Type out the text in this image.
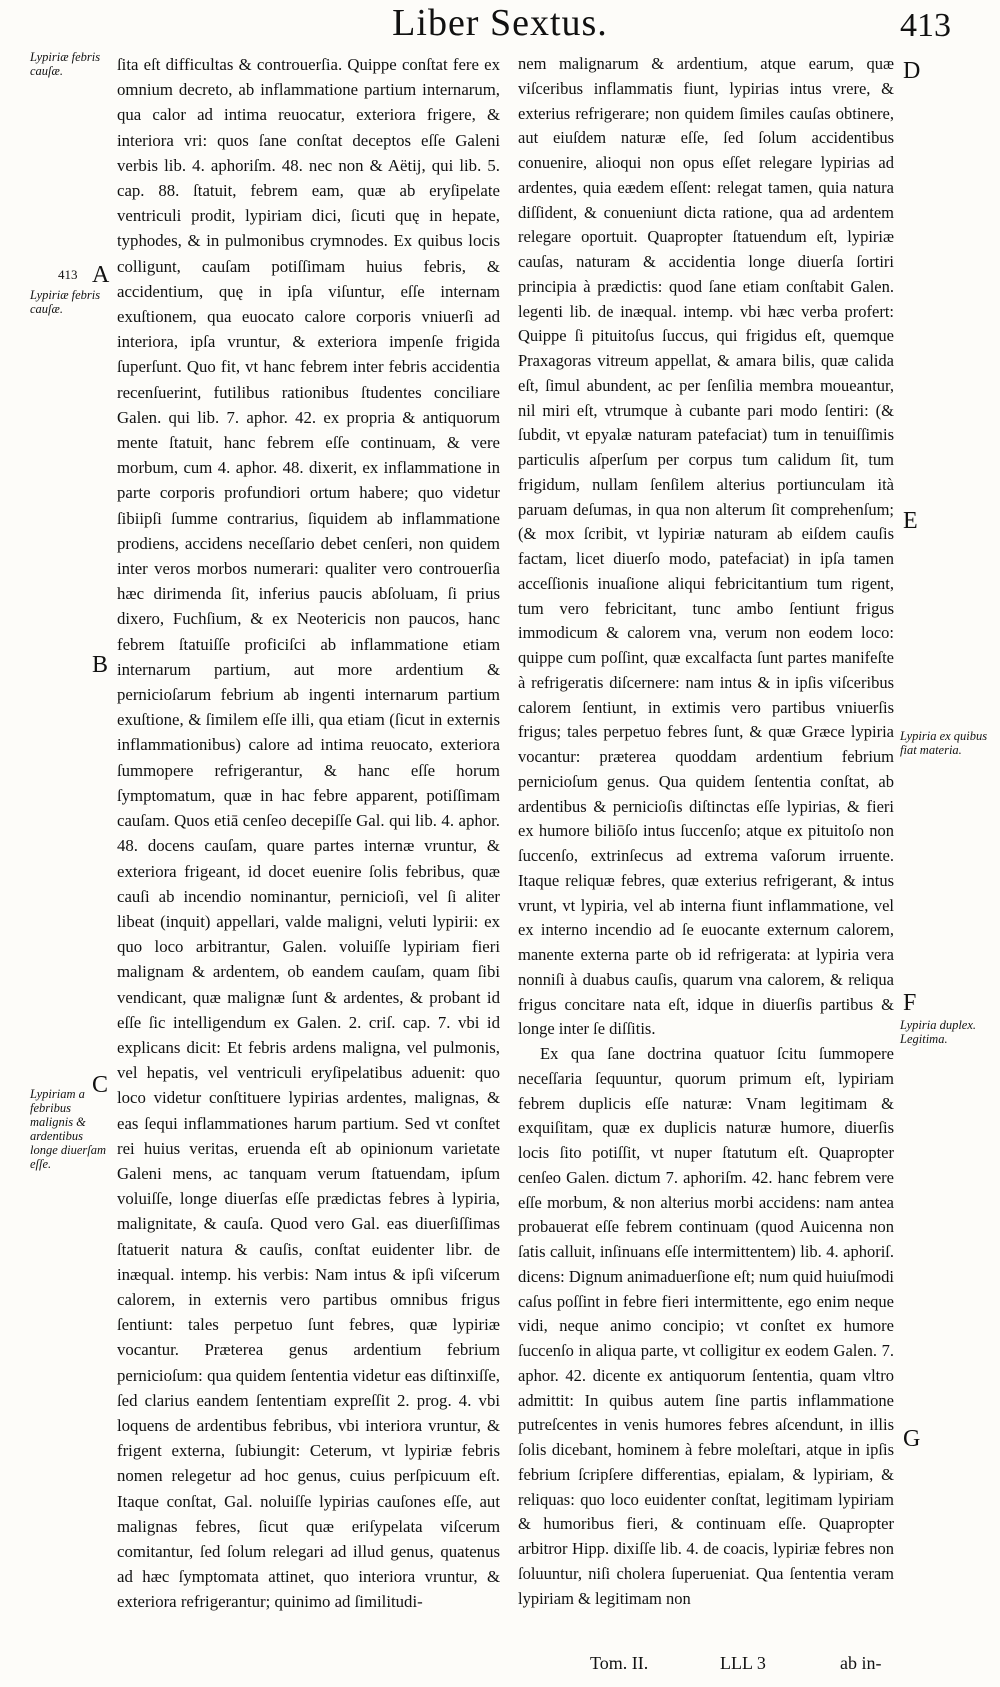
Liber Sextus.	413
Lypiriæ febris cauſæ.
413
Lypiriæ febris cauſæ.
Lypiriam a febribus malignis & ardentibus longe diuerſam eſſe.
A
B
C
D
E
F
G
Lypiria ex quibus fiat materia.
Lypiria duplex. Legitima.

ſita eſt difficultas & controuerſia. Quippe conſtat fere ex omnium decreto, ab inflammatione partium internarum, qua calor ad intima reuocatur, exteriora frigere, & interiora vri: quos ſane conſtat deceptos eſſe Galeni verbis lib. 4. aphoriſm. 48. nec non & Aëtij, qui lib. 5. cap. 88. ſtatuit, febrem eam, quæ ab eryſipelate ventriculi prodit, lypiriam dici, ſicuti quę in hepate, typhodes, & in pulmonibus crymnodes. Ex quibus locis colligunt, cauſam potiſſimam huius febris, & accidentium, quę in ipſa viſuntur, eſſe internam exuſtionem, qua euocato calore corporis vniuerſi ad interiora, ipſa vruntur, & exteriora impenſe frigida ſuperſunt. Quo fit, vt hanc febrem inter febris accidentia recenſuerint, futilibus rationibus ſtudentes conciliare Galen. qui lib. 7. aphor. 42. ex propria & antiquorum mente ſtatuit, hanc febrem eſſe continuam, & vere morbum, cum 4. aphor. 48. dixerit, ex inflammatione in parte corporis profundiori ortum habere; quo videtur ſibiipſi ſumme contrarius, ſiquidem ab inflammatione prodiens, accidens neceſſario debet cenſeri, non quidem inter veros morbos numerari: qualiter vero controuerſia hæc dirimenda ſit, inferius paucis abſoluam, ſi prius dixero, Fuchſium, & ex Neotericis non paucos, hanc febrem ſtatuiſſe proficiſci ab inflammatione etiam internarum partium, aut more ardentium & pernicioſarum febrium ab ingenti internarum partium exuſtione, & ſimilem eſſe illi, qua etiam (ſicut in externis inflammationibus) calore ad intima reuocato, exteriora ſummopere refrigerantur, & hanc eſſe horum ſymptomatum, quæ in hac febre apparent, potiſſimam cauſam. Quos etiā cenſeo decepiſſe Gal. qui lib. 4. aphor. 48. docens cauſam, quare partes internæ vruntur, & exteriora frigeant, id docet euenire ſolis febribus, quæ cauſi ab incendio nominantur, pernicioſi, vel ſi aliter libeat (inquit) appellari, valde maligni, veluti lypirii: ex quo loco arbitrantur, Galen. voluiſſe lypiriam fieri malignam & ardentem, ob eandem cauſam, quam ſibi vendicant, quæ malignæ ſunt & ardentes, & probant id eſſe ſic intelligendum ex Galen. 2. criſ. cap. 7. vbi id explicans dicit: Et febris ardens maligna, vel pulmonis, vel hepatis, vel ventriculi eryſipelatibus aduenit: quo loco videtur conſtituere lypirias ardentes, malignas, & eas ſequi inflammationes harum partium. Sed vt conſtet rei huius veritas, eruenda eſt ab opinionum varietate Galeni mens, ac tanquam verum ſtatuendam, ipſum voluiſſe, longe diuerſas eſſe prædictas febres à lypiria, malignitate, & cauſa. Quod vero Gal. eas diuerſiſſimas ſtatuerit natura & cauſis, conſtat euidenter libr. de inæqual. intemp. his verbis: Nam intus & ipſi viſcerum calorem, in externis vero partibus omnibus frigus ſentiunt: tales perpetuo ſunt febres, quæ lypiriæ vocantur. Præterea genus ardentium febrium pernicioſum: qua quidem ſententia videtur eas diſtinxiſſe, ſed clarius eandem ſententiam expreſſit 2. prog. 4. vbi loquens de ardentibus febribus, vbi interiora vruntur, & frigent externa, ſubiungit: Ceterum, vt lypiriæ febris nomen relegetur ad hoc genus, cuius perſpicuum eſt. Itaque conſtat, Gal. noluiſſe lypirias cauſones eſſe, aut malignas febres, ſicut quæ eriſypelata viſcerum comitantur, ſed ſolum relegari ad illud genus, quatenus ad hæc ſymptomata attinet, quo interiora vruntur, & exteriora refrigerantur; quinimo ad ſimilitudi-

nem malignarum & ardentium, atque earum, quæ viſceribus inflammatis fiunt, lypirias intus vrere, & exterius refrigerare; non quidem ſimiles cauſas obtinere, aut eiuſdem naturæ eſſe, ſed ſolum accidentibus conuenire, alioqui non opus eſſet relegare lypirias ad ardentes, quia eædem eſſent: relegat tamen, quia natura diſſident, & conueniunt dicta ratione, qua ad ardentem relegare oportuit. Quapropter ſtatuendum eſt, lypiriæ cauſas, naturam & accidentia longe diuerſa ſortiri principia à prædictis: quod ſane etiam conſtabit Galen. legenti lib. de inæqual. intemp. vbi hæc verba profert: Quippe ſi pituitoſus ſuccus, qui frigidus eſt, quemque Praxagoras vitreum appellat, & amara bilis, quæ calida eſt, ſimul abundent, ac per ſenſilia membra moueantur, nil miri eſt, vtrumque à cubante pari modo ſentiri: (& ſubdit, vt epyalæ naturam patefaciat) tum in tenuiſſimis particulis aſperſum per corpus tum calidum ſit, tum frigidum, nullam ſenſilem alterius portiunculam ità paruam deſumas, in qua non alterum ſit comprehenſum; (& mox ſcribit, vt lypiriæ naturam ab eiſdem cauſis factam, licet diuerſo modo, patefaciat) in ipſa tamen acceſſionis inuaſione aliqui febricitantium tum rigent, tum vero febricitant, tunc ambo ſentiunt frigus immodicum & calorem vna, verum non eodem loco: quippe cum poſſint, quæ excalfacta ſunt partes manifeſte à refrigeratis diſcernere: nam intus & in ipſis viſceribus calorem ſentiunt, in extimis vero partibus vniuerſis frigus; tales perpetuo febres ſunt, & quæ Græce lypiria vocantur: præterea quoddam ardentium febrium pernicioſum genus. Qua quidem ſententia conſtat, ab ardentibus & pernicioſis diſtinctas eſſe lypirias, & fieri ex humore biliōſo intus ſuccenſo; atque ex pituitoſo non ſuccenſo, extrinſecus ad extrema vaſorum irruente. Itaque reliquæ febres, quæ exterius refrigerant, & intus vrunt, vt lypiria, vel ab interna fiunt inflammatione, vel ex interno incendio ad ſe euocante externum calorem, manente externa parte ob id refrigerata: at lypiria vera nonniſi à duabus cauſis, quarum vna calorem, & reliqua frigus concitare nata eſt, idque in diuerſis partibus & longe inter ſe diſſitis.

Ex qua ſane doctrina quatuor ſcitu ſummopere neceſſaria ſequuntur, quorum primum eſt, lypiriam febrem duplicis eſſe naturæ: Vnam legitimam & exquiſitam, quæ ex duplicis naturæ humore, diuerſis locis ſito potiſſit, vt nuper ſtatutum eſt. Quapropter cenſeo Galen. dictum 7. aphoriſm. 42. hanc febrem vere eſſe morbum, & non alterius morbi accidens: nam antea probauerat eſſe febrem continuam (quod Auicenna non ſatis calluit, inſinuans eſſe intermittentem) lib. 4. aphoriſ. dicens: Dignum animaduerſione eſt; num quid huiuſmodi caſus poſſint in febre fieri intermittente, ego enim neque vidi, neque animo concipio; vt conſtet ex humore ſuccenſo in aliqua parte, vt colligitur ex eodem Galen. 7. aphor. 42. dicente ex antiquorum ſententia, quam vltro admittit: In quibus autem ſine partis inflammatione putreſcentes in venis humores febres aſcendunt, in illis ſolis dicebant, hominem à febre moleſtari, atque in ipſis febrium ſcripſere differentias, epialam, & lypiriam, & reliquas: quo loco euidenter conſtat, legitimam lypiriam & humoribus fieri, & continuam eſſe. Quapropter arbitror Hipp. dixiſſe lib. 4. de coacis, lypiriæ febres non ſoluuntur, niſi cholera ſuperueniat. Qua ſententia veram lypiriam & legitimam non

Tom. II.	LLL 3	ab in-
